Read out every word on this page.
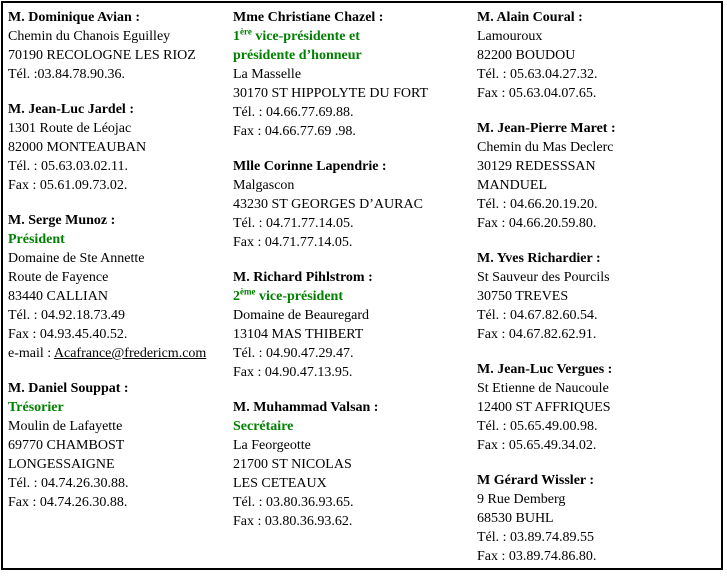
M. Dominique Avian :
Chemin du Chanois Eguilley
70190 RECOLOGNE LES RIOZ
Tél. :03.84.78.90.36.
M. Jean-Luc Jardel :
1301 Route de Léojac
82000 MONTEAUBAN
Tél. : 05.63.03.02.11.
Fax : 05.61.09.73.02.
M. Serge Munoz :
Président
Domaine de Ste Annette
Route de Fayence
83440 CALLIAN
Tél. : 04.92.18.73.49
Fax : 04.93.45.40.52.
e-mail : Acafrance@fredericm.com
M. Daniel Souppat :
Trésorier
Moulin de Lafayette
69770 CHAMBOST
LONGESSAIGNE
Tél. : 04.74.26.30.88.
Fax : 04.74.26.30.88.
Mme Christiane Chazel :
1ère vice-présidente et
présidente d’honneur
La Masselle
30170 ST HIPPOLYTE DU FORT
Tél. : 04.66.77.69.88.
Fax : 04.66.77.69 .98.
Mlle Corinne Lapendrie :
Malgascon
43230 ST GEORGES D’AURAC
Tél. : 04.71.77.14.05.
Fax : 04.71.77.14.05.
M. Richard Pihlstrom :
2ème vice-président
Domaine de Beauregard
13104 MAS THIBERT
Tél. : 04.90.47.29.47.
Fax : 04.90.47.13.95.
M. Muhammad Valsan :
Secrétaire
La Feorgeotte
21700 ST NICOLAS
LES CETEAUX
Tél. : 03.80.36.93.65.
Fax : 03.80.36.93.62.
M. Alain Coural :
Lamouroux
82200 BOUDOU
Tél. : 05.63.04.27.32.
Fax : 05.63.04.07.65.
M. Jean-Pierre Maret :
Chemin du Mas Declerc
30129 REDESSSAN
MANDUEL
Tél. : 04.66.20.19.20.
Fax : 04.66.20.59.80.
M. Yves Richardier :
St Sauveur des Pourcils
30750 TREVES
Tél. : 04.67.82.60.54.
Fax : 04.67.82.62.91.
M. Jean-Luc Vergues :
St Etienne de Naucoule
12400 ST AFFRIQUES
Tél. : 05.65.49.00.98.
Fax : 05.65.49.34.02.
M Gérard Wissler :
9 Rue Demberg
68530 BUHL
Tél. : 03.89.74.89.55
Fax : 03.89.74.86.80.
